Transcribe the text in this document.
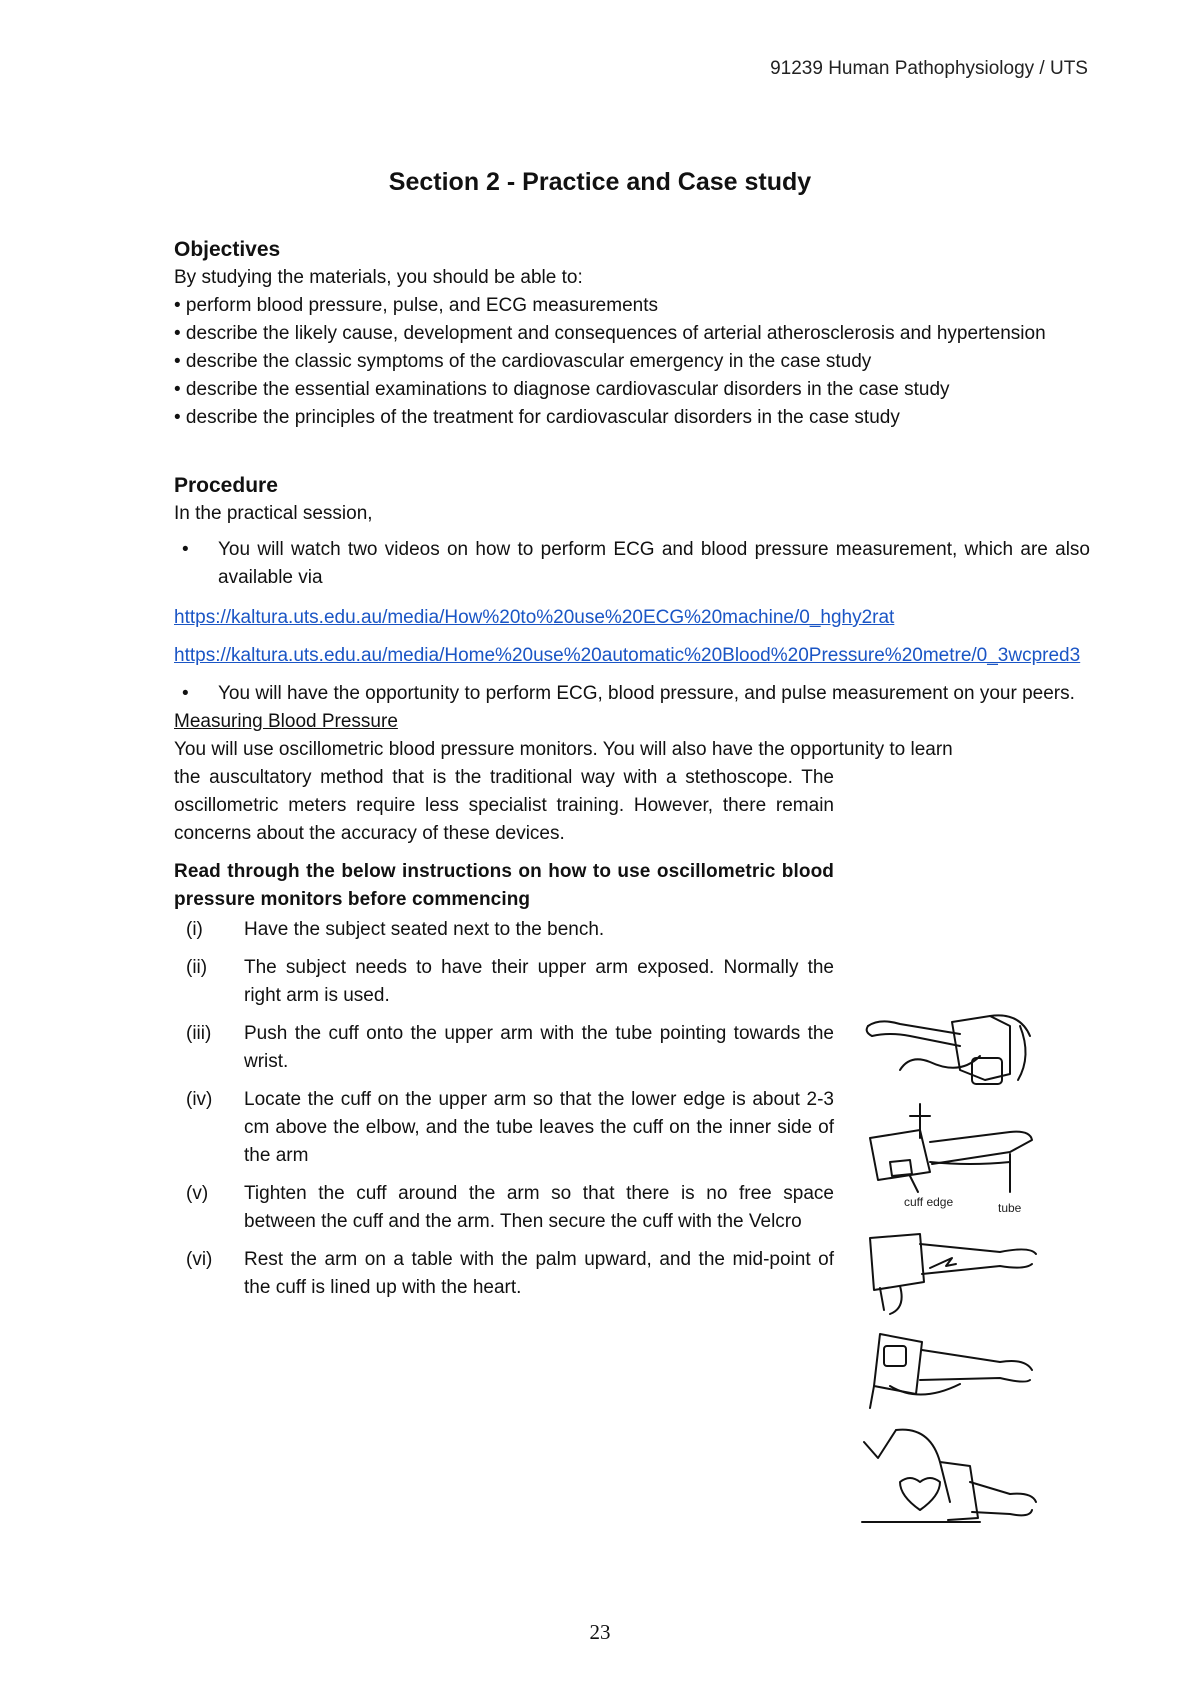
91239 Human Pathophysiology / UTS
Section 2 - Practice and Case study

Objectives

By studying the materials, you should be able to:

• perform blood pressure, pulse, and ECG measurements

• describe the likely cause, development and consequences of arterial atherosclerosis and hypertension

• describe the classic symptoms of the cardiovascular emergency in the case study

• describe the essential examinations to diagnose cardiovascular disorders in the case study

• describe the principles of the treatment for cardiovascular disorders in the case study

Procedure

In the practical session,

• You will watch two videos on how to perform ECG and blood pressure measurement, which are also available via
https://kaltura.uts.edu.au/media/How%20to%20use%20ECG%20machine/0_hghy2rat
https://kaltura.uts.edu.au/media/Home%20use%20automatic%20Blood%20Pressure%20metre/0_3wcpred3
• You will have the opportunity to perform ECG, blood pressure, and pulse measurement on your peers.

Measuring Blood Pressure

You will use oscillometric blood pressure monitors. You will also have the opportunity to learn

the auscultatory method that is the traditional way with a stethoscope. The oscillometric meters require less specialist training. However, there remain concerns about the accuracy of these devices.

Read through the below instructions on how to use oscillometric blood pressure monitors before commencing

(i) Have the subject seated next to the bench.
(ii) The subject needs to have their upper arm exposed. Normally the right arm is used.
(iii) Push the cuff onto the upper arm with the tube pointing towards the wrist.
(iv) Locate the cuff on the upper arm so that the lower edge is about 2-3 cm above the elbow, and the tube leaves the cuff on the inner side of the arm
(v) Tighten the cuff around the arm so that there is no free space between the cuff and the arm. Then secure the cuff with the Velcro
(vi) Rest the arm on a table with the palm upward, and the mid-point of the cuff is lined up with the heart.
cuff edge	tube
23
